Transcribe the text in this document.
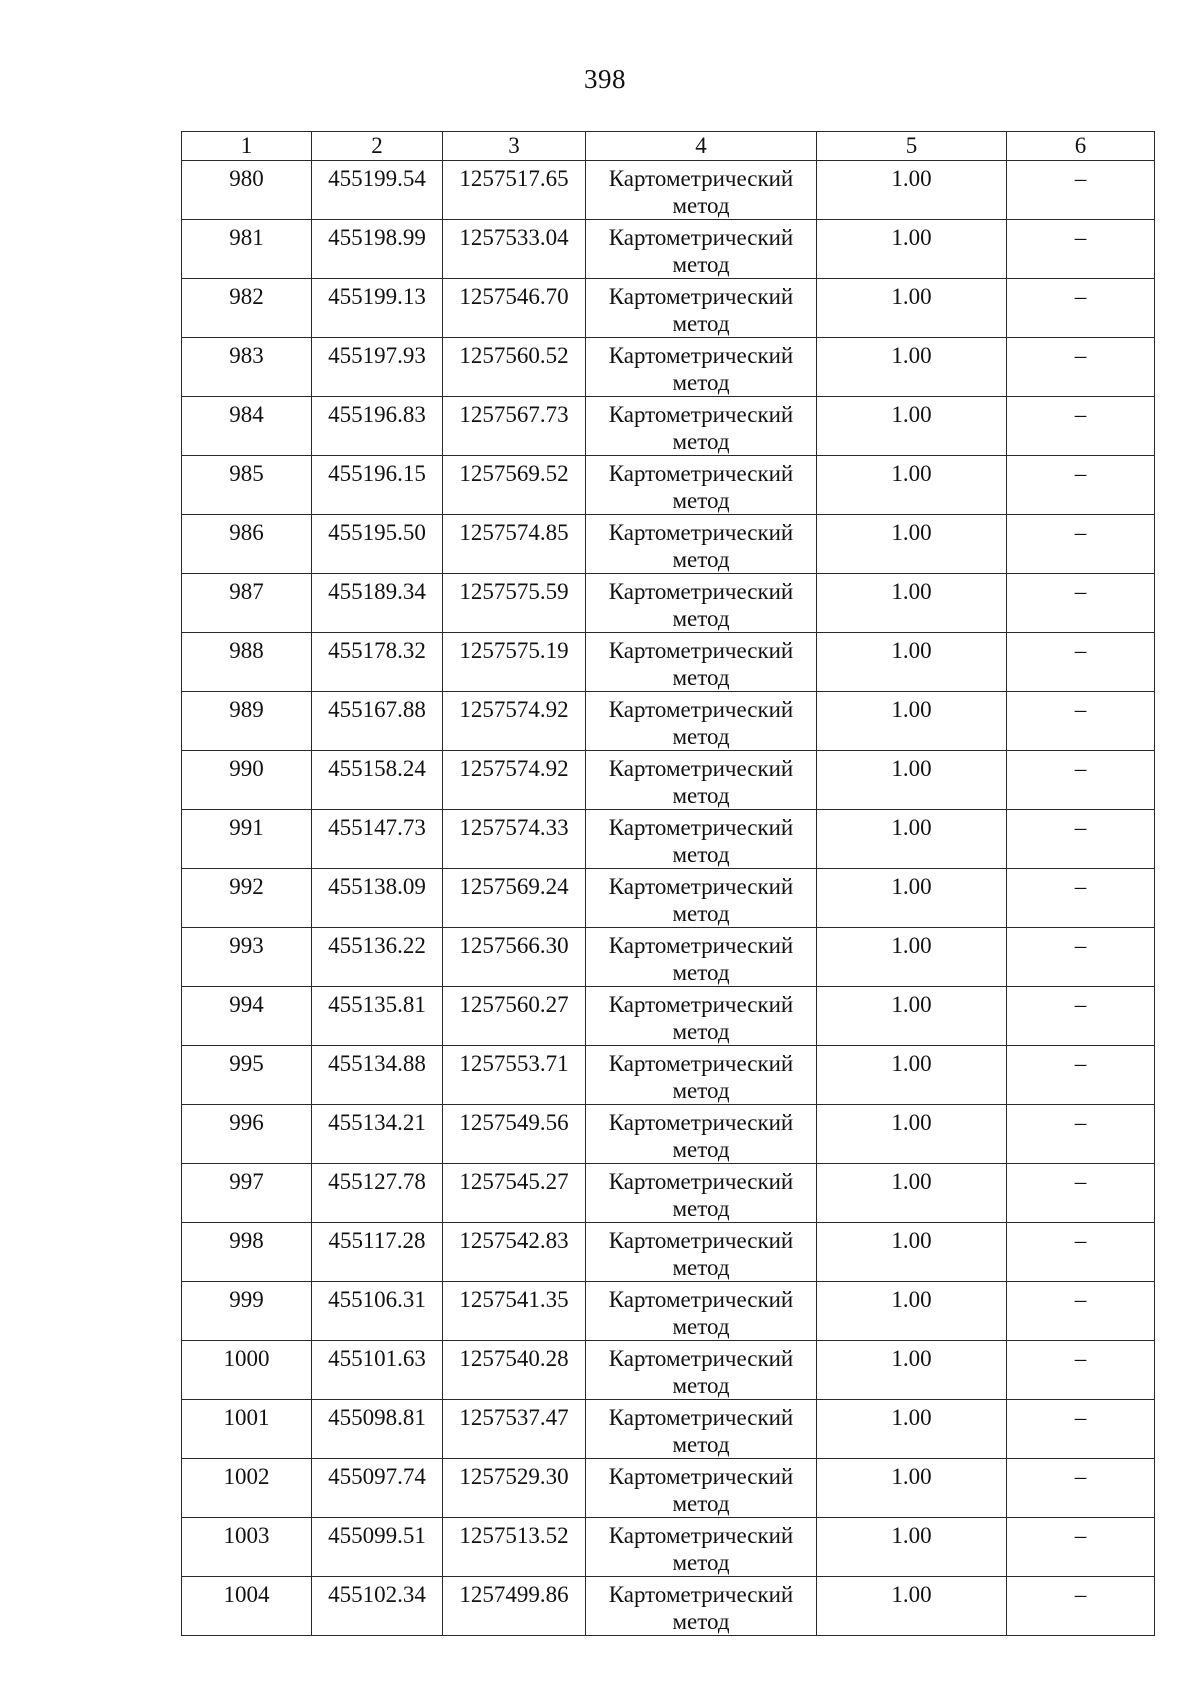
398
1	2	3	4	5	6
980	455199.54	1257517.65	Картометрический метод	1.00	–
981	455198.99	1257533.04	Картометрический метод	1.00	–
982	455199.13	1257546.70	Картометрический метод	1.00	–
983	455197.93	1257560.52	Картометрический метод	1.00	–
984	455196.83	1257567.73	Картометрический метод	1.00	–
985	455196.15	1257569.52	Картометрический метод	1.00	–
986	455195.50	1257574.85	Картометрический метод	1.00	–
987	455189.34	1257575.59	Картометрический метод	1.00	–
988	455178.32	1257575.19	Картометрический метод	1.00	–
989	455167.88	1257574.92	Картометрический метод	1.00	–
990	455158.24	1257574.92	Картометрический метод	1.00	–
991	455147.73	1257574.33	Картометрический метод	1.00	–
992	455138.09	1257569.24	Картометрический метод	1.00	–
993	455136.22	1257566.30	Картометрический метод	1.00	–
994	455135.81	1257560.27	Картометрический метод	1.00	–
995	455134.88	1257553.71	Картометрический метод	1.00	–
996	455134.21	1257549.56	Картометрический метод	1.00	–
997	455127.78	1257545.27	Картометрический метод	1.00	–
998	455117.28	1257542.83	Картометрический метод	1.00	–
999	455106.31	1257541.35	Картометрический метод	1.00	–
1000	455101.63	1257540.28	Картометрический метод	1.00	–
1001	455098.81	1257537.47	Картометрический метод	1.00	–
1002	455097.74	1257529.30	Картометрический метод	1.00	–
1003	455099.51	1257513.52	Картометрический метод	1.00	–
1004	455102.34	1257499.86	Картометрический метод	1.00	–
